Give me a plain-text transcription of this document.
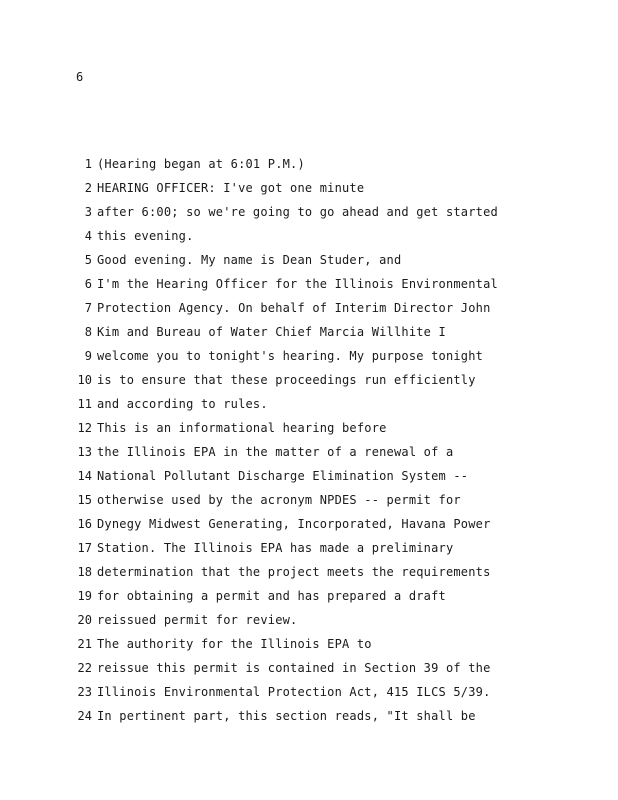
6
1 (Hearing began at 6:01 P.M.)
2 HEARING OFFICER: I've got one minute
3 after 6:00; so we're going to go ahead and get started
4 this evening.
5 Good evening. My name is Dean Studer, and
6 I'm the Hearing Officer for the Illinois Environmental
7 Protection Agency. On behalf of Interim Director John
8 Kim and Bureau of Water Chief Marcia Willhite I
9 welcome you to tonight's hearing. My purpose tonight
10 is to ensure that these proceedings run efficiently
11 and according to rules.
12 This is an informational hearing before
13 the Illinois EPA in the matter of a renewal of a
14 National Pollutant Discharge Elimination System --
15 otherwise used by the acronym NPDES -- permit for
16 Dynegy Midwest Generating, Incorporated, Havana Power
17 Station. The Illinois EPA has made a preliminary
18 determination that the project meets the requirements
19 for obtaining a permit and has prepared a draft
20 reissued permit for review.
21 The authority for the Illinois EPA to
22 reissue this permit is contained in Section 39 of the
23 Illinois Environmental Protection Act, 415 ILCS 5/39.
24 In pertinent part, this section reads, "It shall be
